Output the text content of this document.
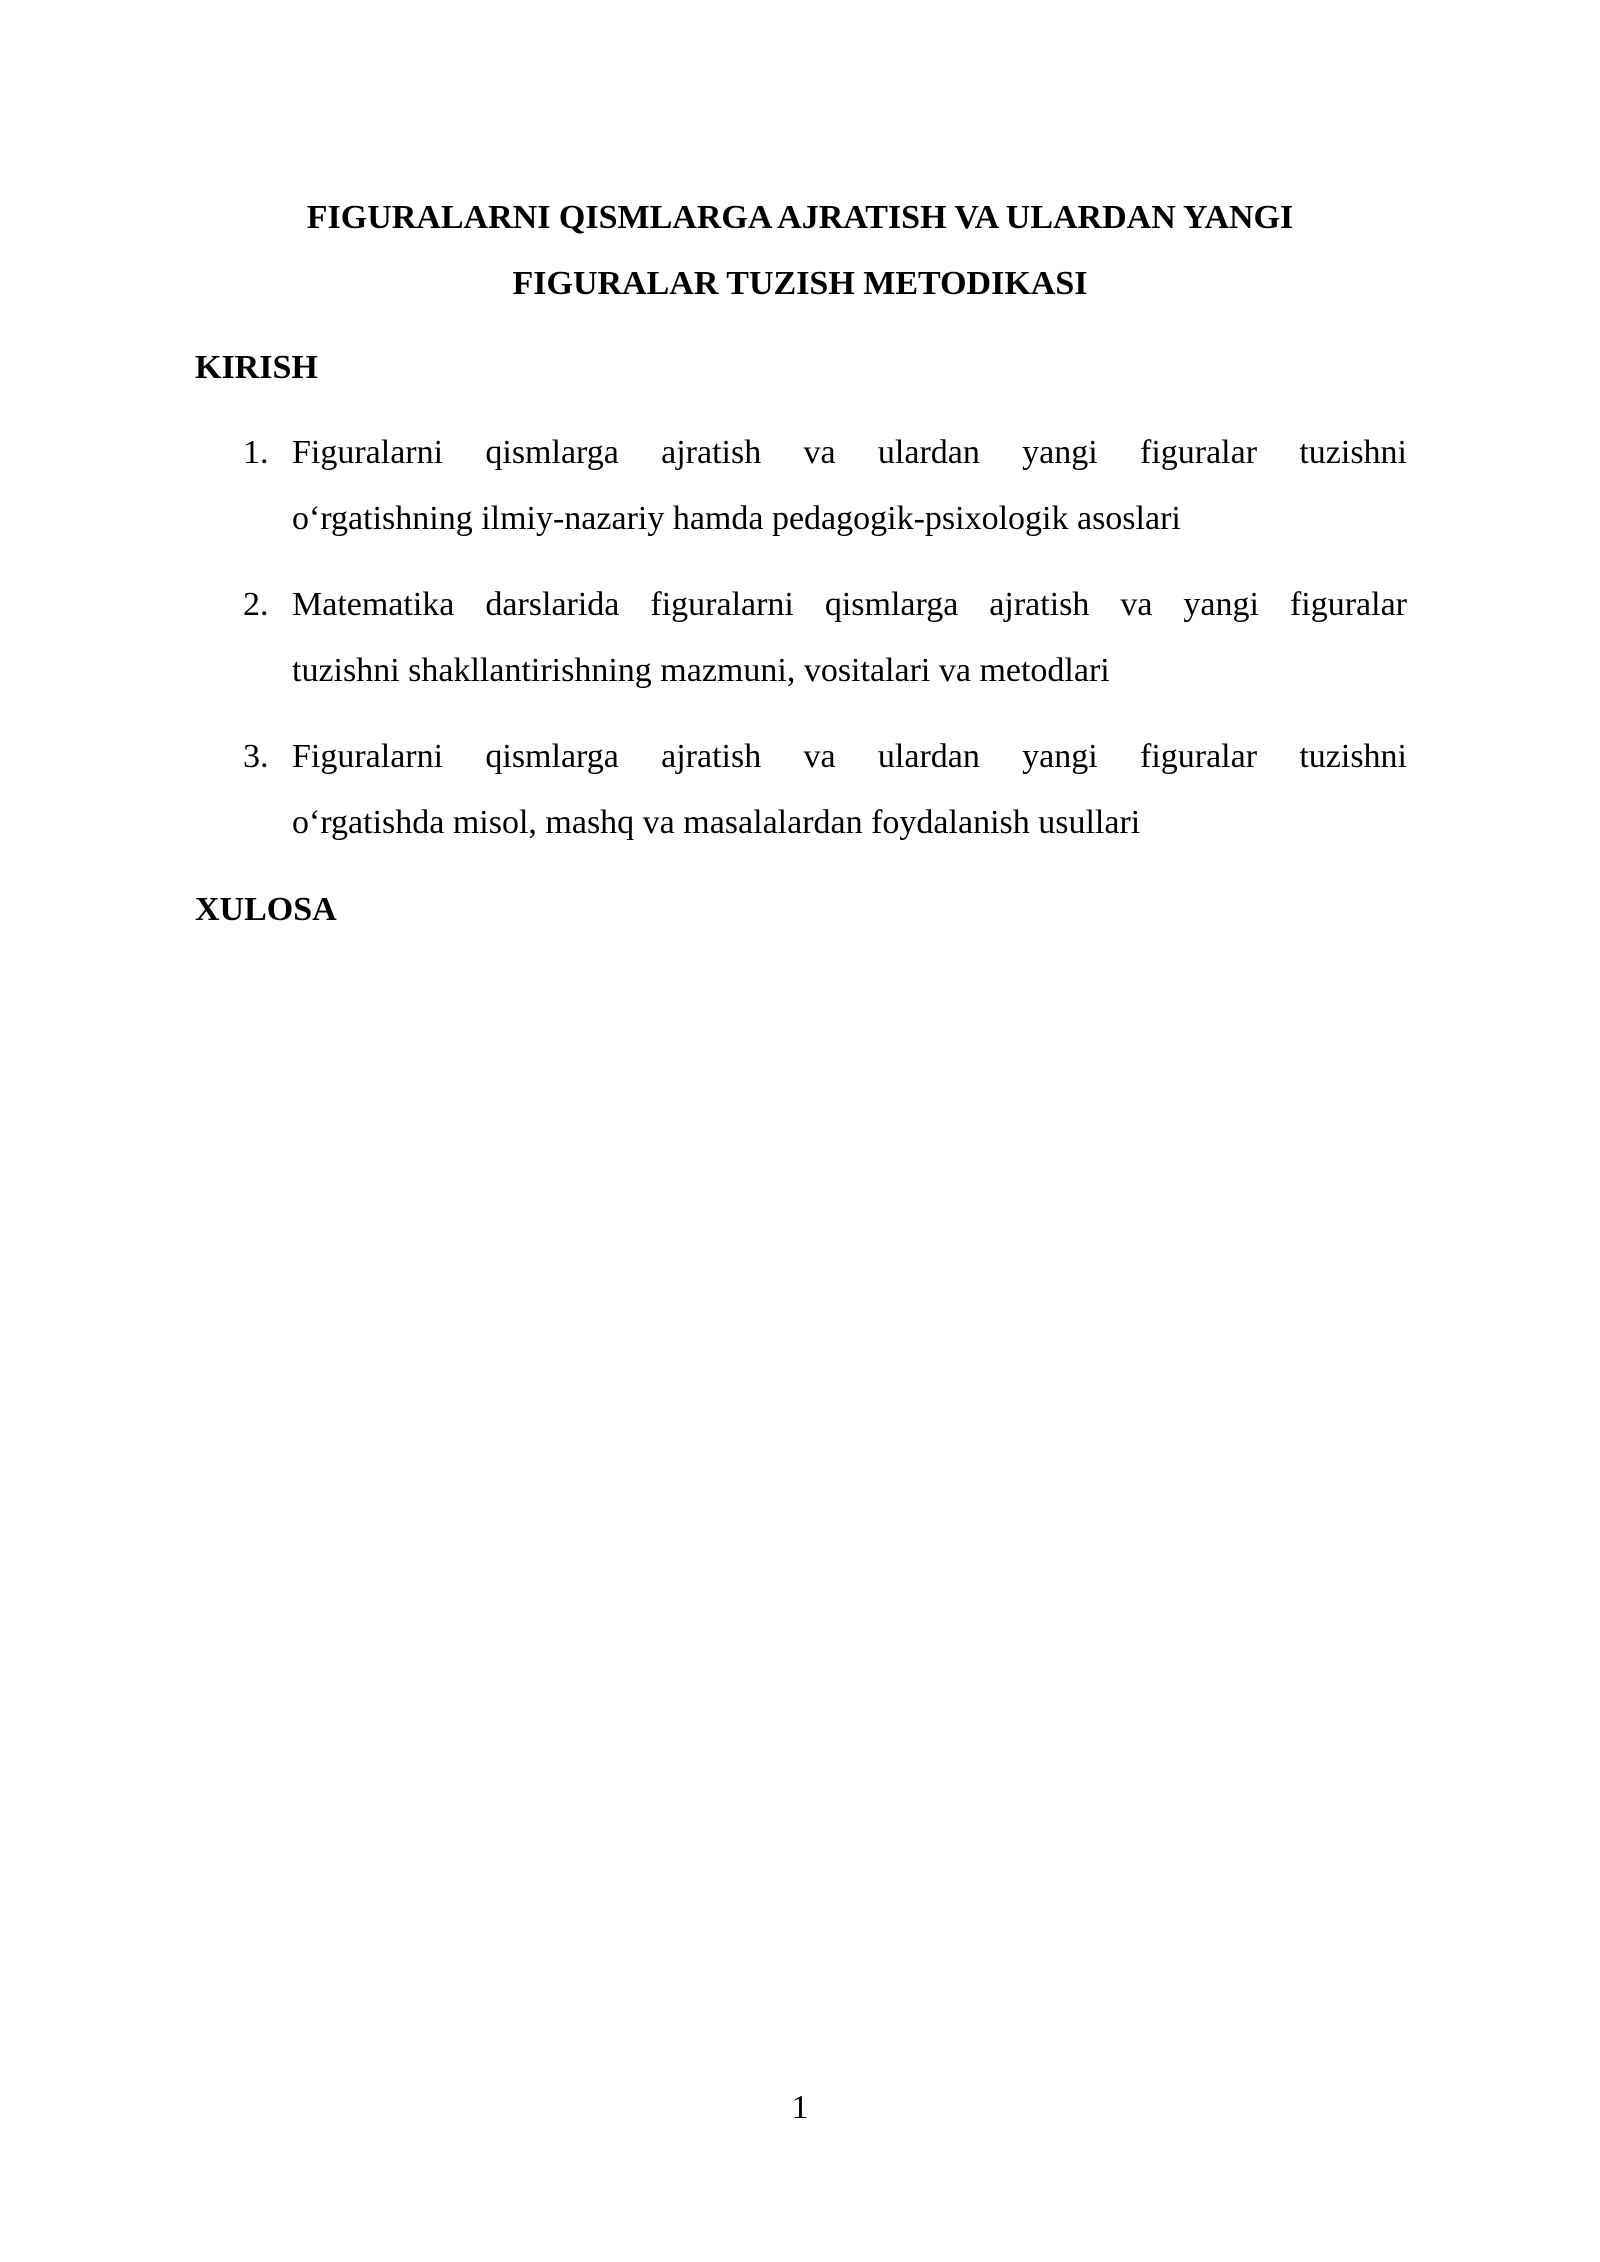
FIGURALARNI QISMLARGA AJRATISH VA ULARDAN YANGI
FIGURALAR TUZISH METODIKASI
KIRISH
1. Figuralarni qismlarga ajratish va ulardan yangi figuralar tuzishni
o‘rgatishning ilmiy-nazariy hamda pedagogik-psixologik asoslari
2. Matematika darslarida figuralarni qismlarga ajratish va yangi figuralar
tuzishni shakllantirishning mazmuni, vositalari va metodlari
3. Figuralarni qismlarga ajratish va ulardan yangi figuralar tuzishni
o‘rgatishda misol, mashq va masalalardan foydalanish usullari
XULOSA
1
